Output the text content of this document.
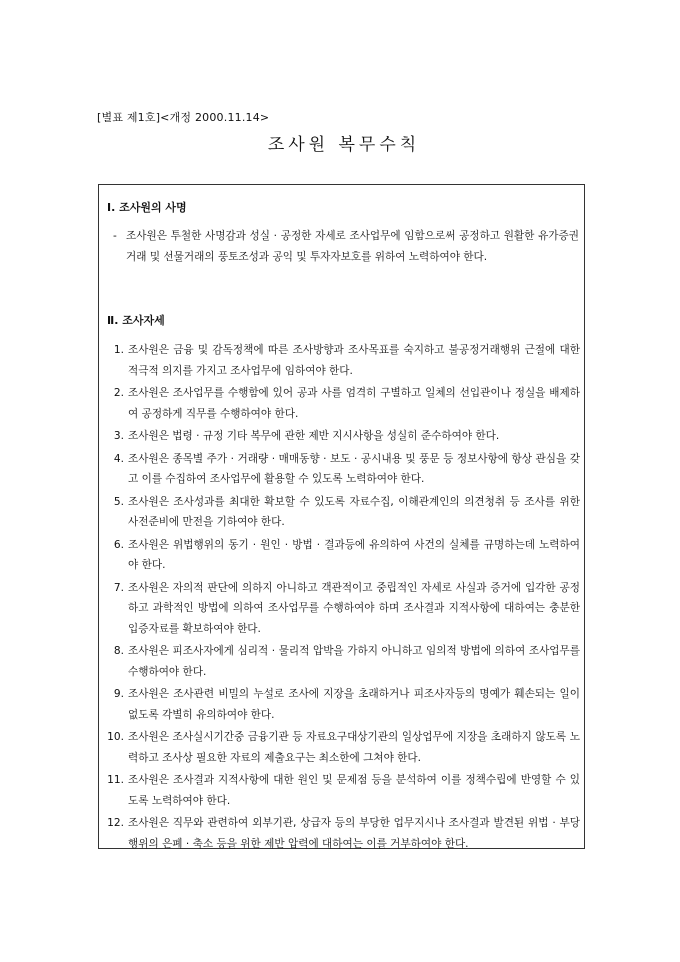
[별표 제1호]<개정 2000.11.14>
조사원 복무수칙
Ⅰ. 조사원의 사명
- 조사원은 투철한 사명감과 성실 · 공정한 자세로 조사업무에 임함으로써 공정하고 원활한 유가증권거래 및 선물거래의 풍토조성과 공익 및 투자자보호를 위하여 노력하여야 한다.
Ⅱ. 조사자세
1. 조사원은 금융 및 감독정책에 따른 조사방향과 조사목표를 숙지하고 불공정거래행위 근절에 대한 적극적 의지를 가지고 조사업무에 임하여야 한다.
2. 조사원은 조사업무를 수행함에 있어 공과 사를 엄격히 구별하고 일체의 선입관이나 정실을 배제하여 공정하게 직무를 수행하여야 한다.
3. 조사원은 법령 · 규정 기타 복무에 관한 제반 지시사항을 성실히 준수하여야 한다.
4. 조사원은 종목별 주가 · 거래량 · 매매동향 · 보도 · 공시내용 및 풍문 등 정보사항에 항상 관심을 갖고 이를 수집하여 조사업무에 활용할 수 있도록 노력하여야 한다.
5. 조사원은 조사성과를 최대한 확보할 수 있도록 자료수집, 이해관계인의 의견청취 등 조사를 위한 사전준비에 만전을 기하여야 한다.
6. 조사원은 위법행위의 동기 · 원인 · 방법 · 결과등에 유의하여 사건의 실체를 규명하는데 노력하여야 한다.
7. 조사원은 자의적 판단에 의하지 아니하고 객관적이고 중립적인 자세로 사실과 증거에 입각한 공정하고 과학적인 방법에 의하여 조사업무를 수행하여야 하며 조사결과 지적사항에 대하여는 충분한 입증자료를 확보하여야 한다.
8. 조사원은 피조사자에게 심리적 · 물리적 압박을 가하지 아니하고 임의적 방법에 의하여 조사업무를 수행하여야 한다.
9. 조사원은 조사관련 비밀의 누설로 조사에 지장을 초래하거나 피조사자등의 명예가 훼손되는 일이 없도록 각별히 유의하여야 한다.
10. 조사원은 조사실시기간중 금융기관 등 자료요구대상기관의 일상업무에 지장을 초래하지 않도록 노력하고 조사상 필요한 자료의 제출요구는 최소한에 그쳐야 한다.
11. 조사원은 조사결과 지적사항에 대한 원인 및 문제점 등을 분석하여 이를 정책수립에 반영할 수 있도록 노력하여야 한다.
12. 조사원은 직무와 관련하여 외부기관, 상급자 등의 부당한 업무지시나 조사결과 발견된 위법 · 부당행위의 은폐 · 축소 등을 위한 제반 압력에 대하여는 이를 거부하여야 한다.
